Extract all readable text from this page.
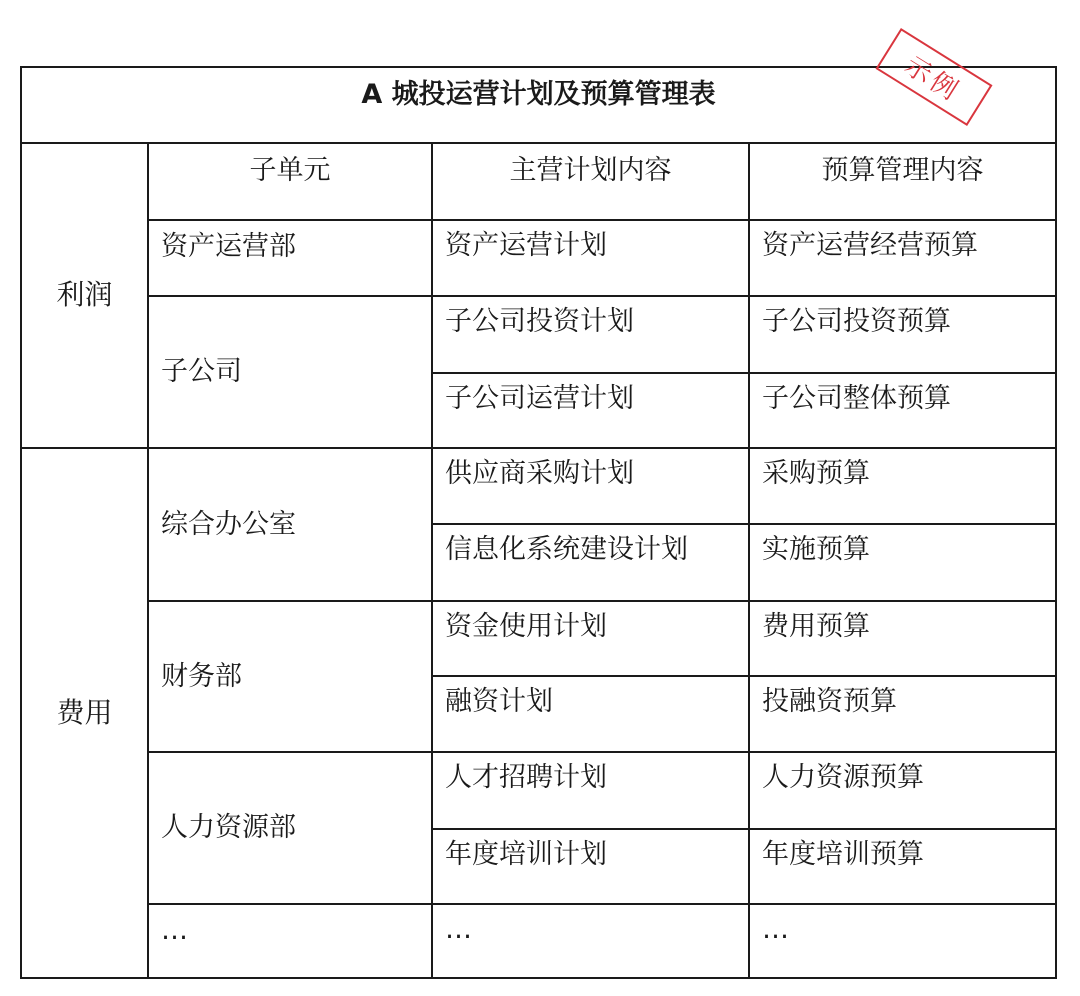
A 城投运营计划及预算管理表			
利润	子单元	主营计划内容	预算管理内容
	资产运营部	资产运营计划	资产运营经营预算
	子公司	子公司投资计划	子公司投资预算
		子公司运营计划	子公司整体预算
费用	综合办公室	供应商采购计划	采购预算
		信息化系统建设计划	实施预算
	财务部	资金使用计划	费用预算
		融资计划	投融资预算
	人力资源部	人才招聘计划	人力资源预算
		年度培训计划	年度培训预算
	…	…	…
示例
